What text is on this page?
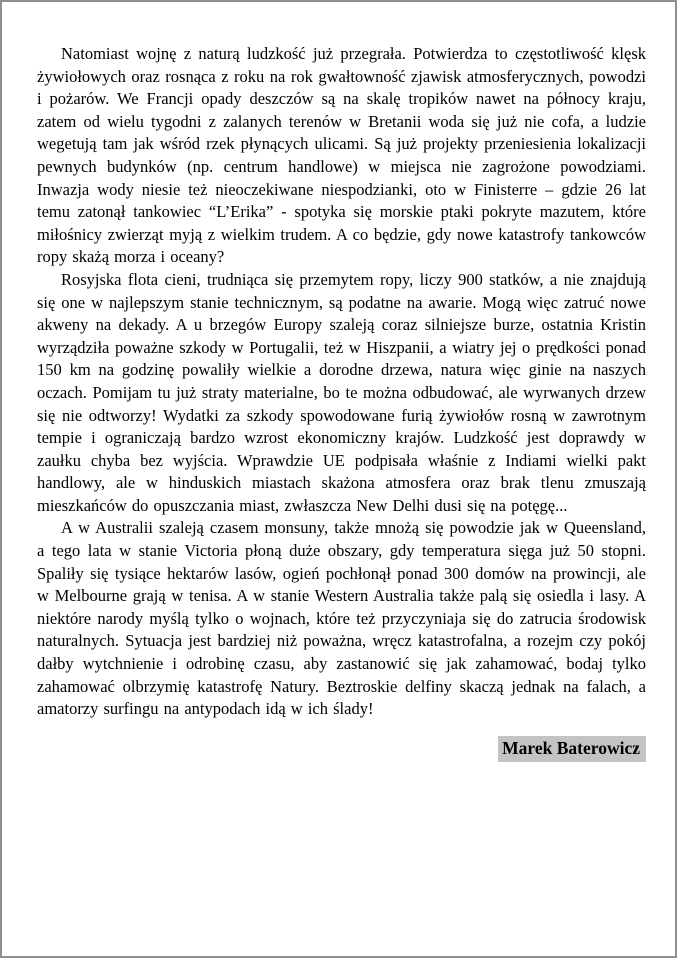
Natomiast wojnę z naturą ludzkość już przegrała. Potwierdza to częstotliwość klęsk żywiołowych oraz rosnąca z roku na rok gwałtowność zjawisk atmosferycznych, powodzi i pożarów. We Francji opady deszczów są na skalę tropików nawet na północy kraju, zatem od wielu tygodni z zalanych terenów w Bretanii woda się już nie cofa, a ludzie wegetują tam jak wśród rzek płynących ulicami. Są już projekty przeniesienia lokalizacji pewnych budynków (np. centrum handlowe) w miejsca nie zagrożone powodziami. Inwazja wody niesie też nieoczekiwane niespodzianki, oto w Finisterre – gdzie 26 lat temu zatonął tankowiec “L’Erika” - spotyka się morskie ptaki pokryte mazutem, które miłośnicy zwierząt myją z wielkim trudem. A co będzie, gdy nowe katastrofy tankowców ropy skażą morza i oceany?

Rosyjska flota cieni, trudniąca się przemytem ropy, liczy 900 statków, a nie znajdują się one w najlepszym stanie technicznym, są podatne na awarie. Mogą więc zatruć nowe akweny na dekady. A u brzegów Europy szaleją coraz silniejsze burze, ostatnia Kristin wyrządziła poważne szkody w Portugalii, też w Hiszpanii, a wiatry jej o prędkości ponad 150 km na godzinę powaliły wielkie a dorodne drzewa, natura więc ginie na naszych oczach. Pomijam tu już straty materialne, bo te można odbudować, ale wyrwanych drzew się nie odtworzy! Wydatki za szkody spowodowane furią żywiołów rosną w zawrotnym tempie i ograniczają bardzo wzrost ekonomiczny krajów. Ludzkość jest doprawdy w zaułku chyba bez wyjścia. Wprawdzie UE podpisała właśnie z Indiami wielki pakt handlowy, ale w hinduskich miastach skażona atmosfera oraz brak tlenu zmuszają mieszkańców do opuszczania miast, zwłaszcza New Delhi dusi się na potęgę...

A w Australii szaleją czasem monsuny, także mnożą się powodzie jak w Queensland, a tego lata w stanie Victoria płoną duże obszary, gdy temperatura sięga już 50 stopni. Spaliły się tysiące hektarów lasów, ogień pochłonął ponad 300 domów na prowincji, ale w Melbourne grają w tenisa. A w stanie Western Australia także palą się osiedla i lasy. A niektóre narody myślą tylko o wojnach, które też przyczyniaja się do zatrucia środowisk naturalnych. Sytuacja jest bardziej niż poważna, wręcz katastrofalna, a rozejm czy pokój dałby wytchnienie i odrobinę czasu, aby zastanowić się jak zahamować, bodaj tylko zahamować olbrzymię katastrofę Natury. Beztroskie delfiny skaczą jednak na falach, a amatorzy surfingu na antypodach idą w ich ślady!

Marek Baterowicz
